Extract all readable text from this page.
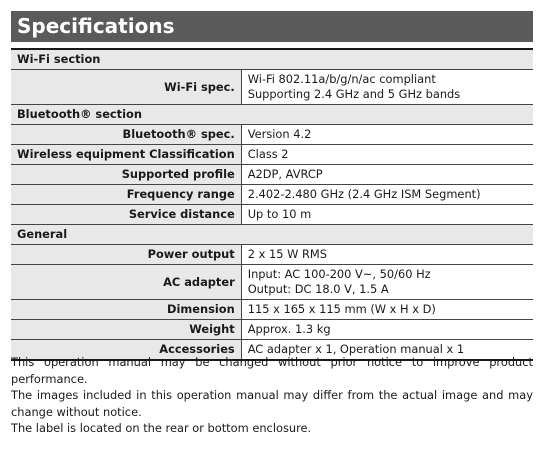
Specifications
Wi-Fi section	
Wi-Fi spec.	Wi-Fi 802.11a/b/g/n/ac compliant
Supporting 2.4 GHz and 5 GHz bands

Bluetooth® section	
Bluetooth® spec.	Version 4.2
Wireless equipment Classification	Class 2
Supported profile	A2DP, AVRCP
Frequency range	2.402-2.480 GHz (2.4 GHz ISM Segment)
Service distance	Up to 10 m
General	
Power output	2 x 15 W RMS
AC adapter	Input: AC 100-200 V~, 50/60 Hz
Output: DC 18.0 V, 1.5 A

Dimension	115 x 165 x 115 mm (W x H x D)
Weight	Approx. 1.3 kg
Accessories	AC adapter x 1, Operation manual x 1

This operation manual may be changed without prior notice to improve product performance.

The images included in this operation manual may differ from the actual image and may change without notice.

The label is located on the rear or bottom enclosure.
